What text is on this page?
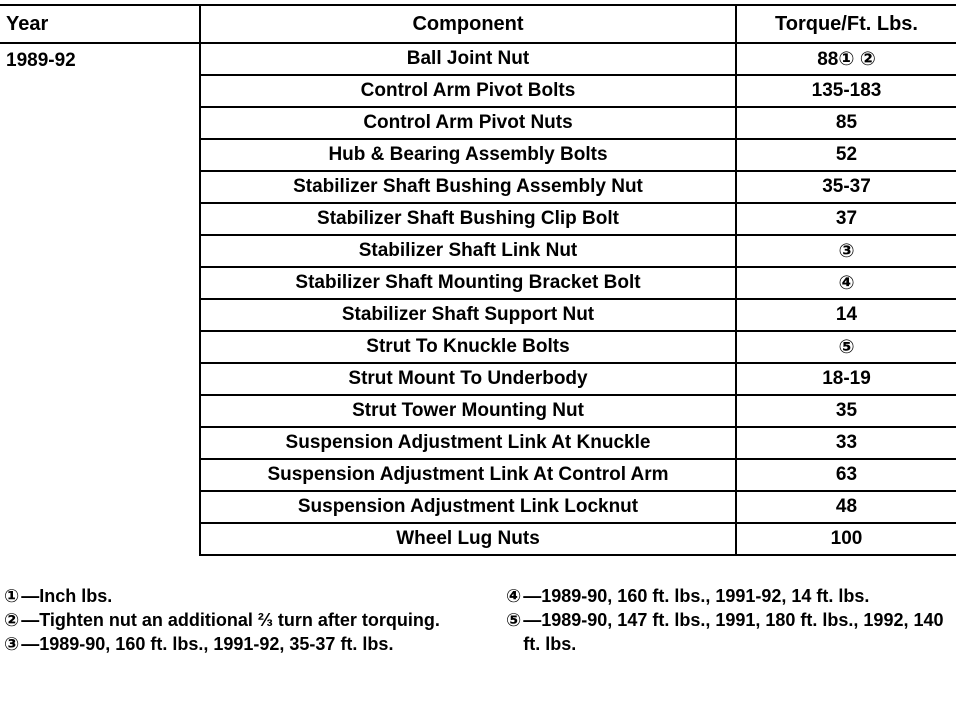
Year	Component	Torque/Ft. Lbs.
1989-92	Ball Joint Nut	88① ②
	Control Arm Pivot Bolts	135-183
	Control Arm Pivot Nuts	85
	Hub & Bearing Assembly Bolts	52
	Stabilizer Shaft Bushing Assembly Nut	35-37
	Stabilizer Shaft Bushing Clip Bolt	37
	Stabilizer Shaft Link Nut	③
	Stabilizer Shaft Mounting Bracket Bolt	④
	Stabilizer Shaft Support Nut	14
	Strut To Knuckle Bolts	⑤
	Strut Mount To Underbody	18-19
	Strut Tower Mounting Nut	35
	Suspension Adjustment Link At Knuckle	33
	Suspension Adjustment Link At Control Arm	63
	Suspension Adjustment Link Locknut	48
	Wheel Lug Nuts	100
① —Inch lbs.
② —Tighten nut an additional ⅔ turn after torquing.
③ —1989-90, 160 ft. lbs., 1991-92, 35-37 ft. lbs.
④ —1989-90, 160 ft. lbs., 1991-92, 14 ft. lbs.
⑤ —1989-90, 147 ft. lbs., 1991, 180 ft. lbs., 1992, 140 ft. lbs.
